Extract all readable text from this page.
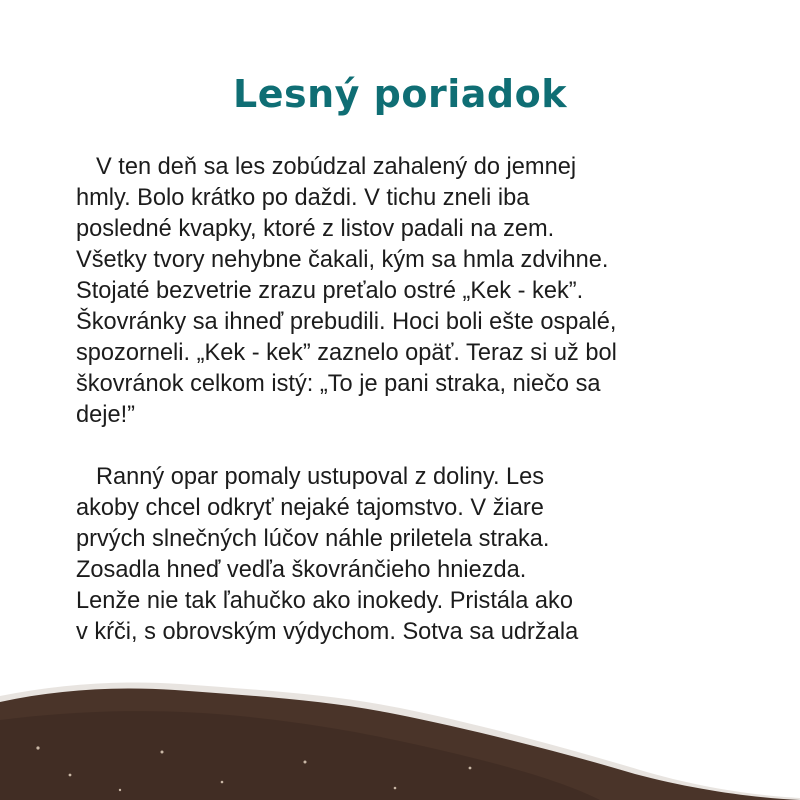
Lesný poriadok
V ten deň sa les zobúdzal zahalený do jemnej
hmly. Bolo krátko po daždi. V tichu zneli iba
posledné kvapky, ktoré z listov padali na zem.
Všetky tvory nehybne čakali, kým sa hmla zdvihne.
Stojaté bezvetrie zrazu preťalo ostré „Kek - kek”.
Škovránky sa ihneď prebudili. Hoci boli ešte ospalé,
spozorneli. „Kek - kek” zaznelo opäť. Teraz si už bol
škovránok celkom istý: „To je pani straka, niečo sa
deje!”
Ranný opar pomaly ustupoval z doliny. Les
akoby chcel odkryť nejaké tajomstvo. V žiare
prvých slnečných lúčov náhle priletela straka.
Zosadla hneď vedľa škovránčieho hniezda.
Lenže nie tak ľahučko ako inokedy. Pristála ako
v kŕči, s obrovským výdychom. Sotva sa udržala
